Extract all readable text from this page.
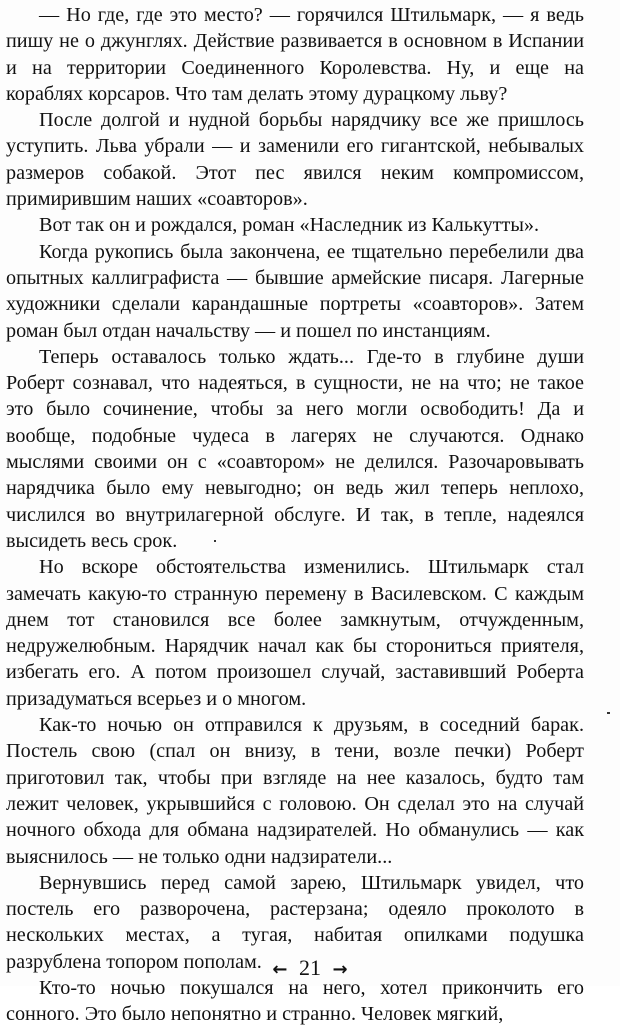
— Но где, где это место? — горячился Штильмарк, — я ведь пишу не о джунглях. Действие развивается в основном в Испании и на территории Соединенного Королевства. Ну, и еще на кораблях корсаров. Что там делать этому дурацкому льву?

После долгой и нудной борьбы нарядчику все же пришлось уступить. Льва убрали — и заменили его гигантской, небывалых размеров собакой. Этот пес явился неким компромиссом, примирившим наших «соавторов».

Вот так он и рождался, роман «Наследник из Калькутты».

Когда рукопись была закончена, ее тщательно перебелили два опытных каллиграфиста — бывшие армейские писаря. Лагерные художники сделали карандашные портреты «соавторов». Затем роман был отдан начальству — и пошел по инстанциям.

Теперь оставалось только ждать... Где-то в глубине души Роберт сознавал, что надеяться, в сущности, не на что; не такое это было сочинение, чтобы за него могли освободить! Да и вообще, подобные чудеса в лагерях не случаются. Однако мыслями своими он с «соавтором» не делился. Разочаровывать нарядчика было ему невыгодно; он ведь жил теперь неплохо, числился во внутрилагерной обслуге. И так, в тепле, надеялся высидеть весь срок.

Но вскоре обстоятельства изменились. Штильмарк стал замечать какую-то странную перемену в Василевском. С каждым днем тот становился все более замкнутым, отчужденным, недружелюбным. Нарядчик начал как бы сторониться приятеля, избегать его. А потом произошел случай, заставивший Роберта призадуматься всерьез и о многом.

Как-то ночью он отправился к друзьям, в соседний барак. Постель свою (спал он внизу, в тени, возле печки) Роберт приготовил так, чтобы при взгляде на нее казалось, будто там лежит человек, укрывшийся с головою. Он сделал это на случай ночного обхода для обмана надзирателей. Но обманулись — как выяснилось — не только одни надзиратели...

Вернувшись перед самой зарею, Штильмарк увидел, что постель его разворочена, растерзана; одеяло проколото в нескольких местах, а тугая, набитая опилками подушка разрублена топором пополам.

Кто-то ночью покушался на него, хотел прикончить его сонного. Это было непонятно и странно. Человек мягкий,

← 21 →
